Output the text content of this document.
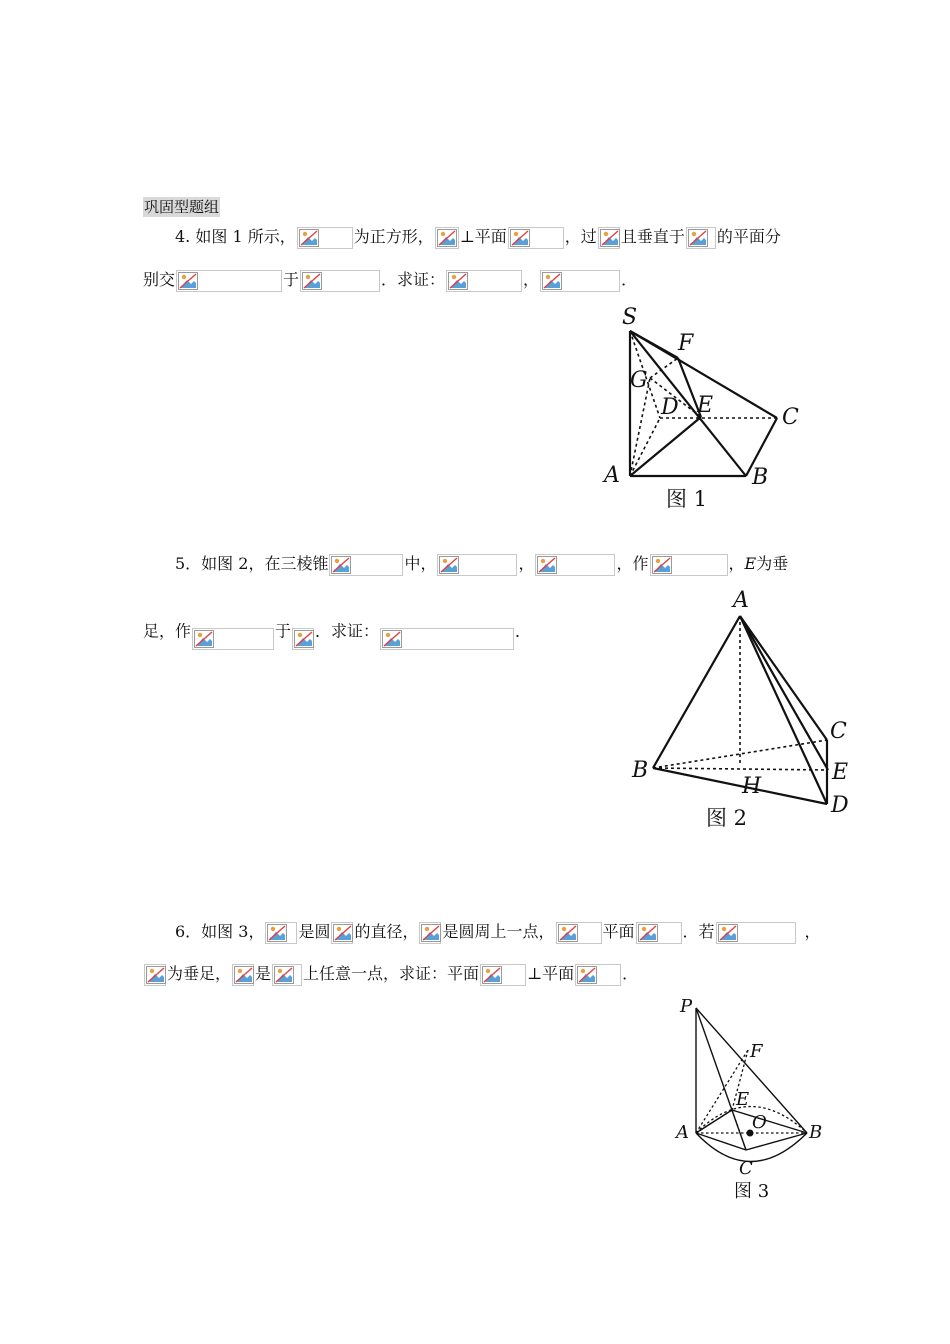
巩固型题组
4. 如图 1 所示，	为正方形， ⊥平面	，过 且垂直于 的平面分
别交	于	．求证：	，	．
S
F
G
D E	C
A	B
图 1
5．如图 2，在三棱锥	中，	，	，作	，E为垂
足，作	于 ．求证：	．
A
C
B	E
H
D
图 2
6．如图 3， 是圆 的直径， 是圆周上一点，	平面	．若	，
为垂足， 是 上任意一点，求证：平面	⊥平面	．
P
F
E
O
A	B
C
图 3
